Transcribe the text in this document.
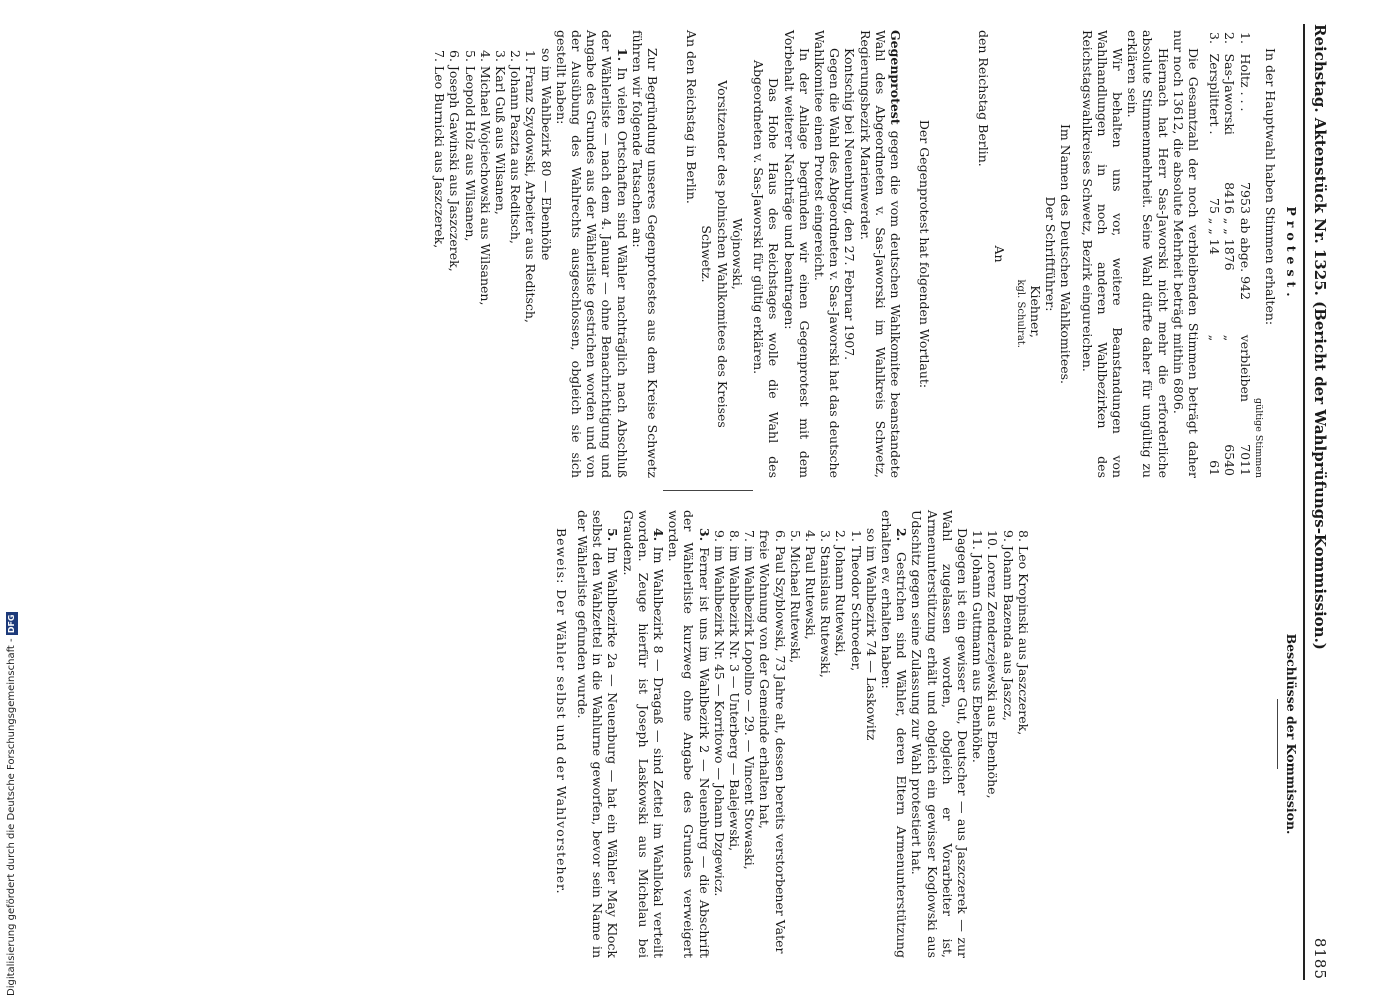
Reichstag. Aktenstück Nr. 1325. (Bericht der Wahlprüfungs-Kommission.)
8185

Protest.

In der Hauptwahl haben Stimmen erhalten:

gültige Stimmen
1.	Holtz . . .	7953	ab abge. 942	verbleiben	7011
2.	Sas-Jaworski	8416	„ „ 1876	„	6540
3.	Zersplittert .	75	„ „ 14	„	61

Die Gesamtzahl der noch verbleibenden Stimmen beträgt daher nur noch 13612, die absolute Mehrheit beträgt mithin 6806.

Hiernach hat Herr Sas-Jaworski nicht mehr die erforderliche absolute Stimmenmehrheit. Seine Wahl dürfte daher für ungültig zu erklären sein.

Wir behalten uns vor, weitere Beanstandungen von Wahlhandlungen in noch anderen Wahlbezirken des Reichstagswahlkreises Schwetz, Bezirk eingureichen.

Im Namen des Deutschen Wahlkomitees.

Der Schriftführer:

Kiehner,

kgl. Schulrat.

An

den Reichstag Berlin.

Der Gegenprotest hat folgenden Wortlaut:

Gegenprotest gegen die vom deutschen Wahlkomitee beanstandete Wahl des Abgeordneten v. Sas-Jaworski im Wahlkreis Schwetz, Regierungsbezirk Marienwerder.

Kontschig bei Neuenburg, den 27. Februar 1907.

Gegen die Wahl des Abgeordneten v. Sas-Jaworski hat das deutsche Wahlkomitee einen Protest eingereicht.

In der Anlage begründen wir einen Gegenprotest mit dem Vorbehalt weiterer Nachträge und beantragen:

Das Hohe Haus des Reichstages wolle die Wahl des Abgeordneten v. Sas-Jaworski für gültig erklären.

Wojnowski,

Vorsitzender des polnischen Wahlkomitees des Kreises Schwetz.

An den Reichstag in Berlin.

Zur Begründung unseres Gegenprotestes aus dem Kreise Schwetz führen wir folgende Tatsachen an:

1. In vielen Ortschaften sind Wähler nachträglich nach Abschluß der Wählerliste — nach dem 4. Januar — ohne Benachrichtigung und Angabe des Grundes aus der Wählerliste gestrichen worden und von der Ausübung des Wahlrechts ausgeschlossen, obgleich sie sich gestellt haben:

so im Wahlbezirk 80 — Ebenhöhe

1. Franz Szydowski, Arbeiter aus Reditsch,
2. Johann Paszta aus Reditsch,
3. Karl Guß aus Wilsanen,
4. Michael Wojciechowski aus Wilsanen,
5. Leopold Holz aus Wilsanen,
6. Joseph Gawinski aus Jaszczerek,
7. Leo Burnicki aus Jaszczerek,

Beschlüsse der Kommission.

8. Leo Kropinski aus Jaszczerek,
9. Johann Bazenda aus Jaszcz,
10. Lorenz Zenderzejewski aus Ebenhöhe,
11. Johann Guttmann aus Ebenhöhe.

Dagegen ist ein gewisser Gut, Deutscher — aus Jaszczerek — zur Wahl zugelassen worden, obgleich er Vorarbeiter ist, Armenunterstützung erhält und obgleich ein gewisser Koglowski aus Udschitz gegen seine Zulassung zur Wahl protestiert hat.

2. Gestrichen sind Wähler, deren Eltern Armenunterstützung erhalten ev. erhalten haben:

so im Wahlbezirk 74 — Laskowitz

1. Theodor Schroeder,
2. Johann Rutewski,
3. Stanislaus Rutewski,
4. Paul Rutewski,
5. Michael Rutewski,
6. Paul Szyblowski, 73 Jahre alt, dessen bereits verstorbener Vater freie Wohnung von der Gemeinde erhalten hat,
7. im Wahlbezirk Lopollno — 29. — Vincent Stowaski,
8. im Wahlbezirk Nr. 3 — Unterberg — Balejewski,
9. im Wahlbezirk Nr. 45 — Korritowo — Johann Dzgewicz.

3. Ferner ist uns im Wahlbezirk 2 — Neuenburg — die Abschrift der Wählerliste kurzweg ohne Angabe des Grundes verweigert worden.

4. Im Wahlbezirk 8 — Dragaß — sind Zettel im Wahllokal verteilt worden. Zeuge hierfür ist Joseph Laskowski aus Michelau bei Graudenz.

5. Im Wahlbezirke 2a — Neuenburg — hat ein Wähler May Klock selbst den Wahlzettel in die Wahlurne geworfen, bevor sein Name in der Wählerliste gefunden wurde.

Beweis: Der Wähler selbst und der Wahlvorsteher.

Digitalisierung gefördert durch die Deutsche Forschungsgemeinschaft - DFG
